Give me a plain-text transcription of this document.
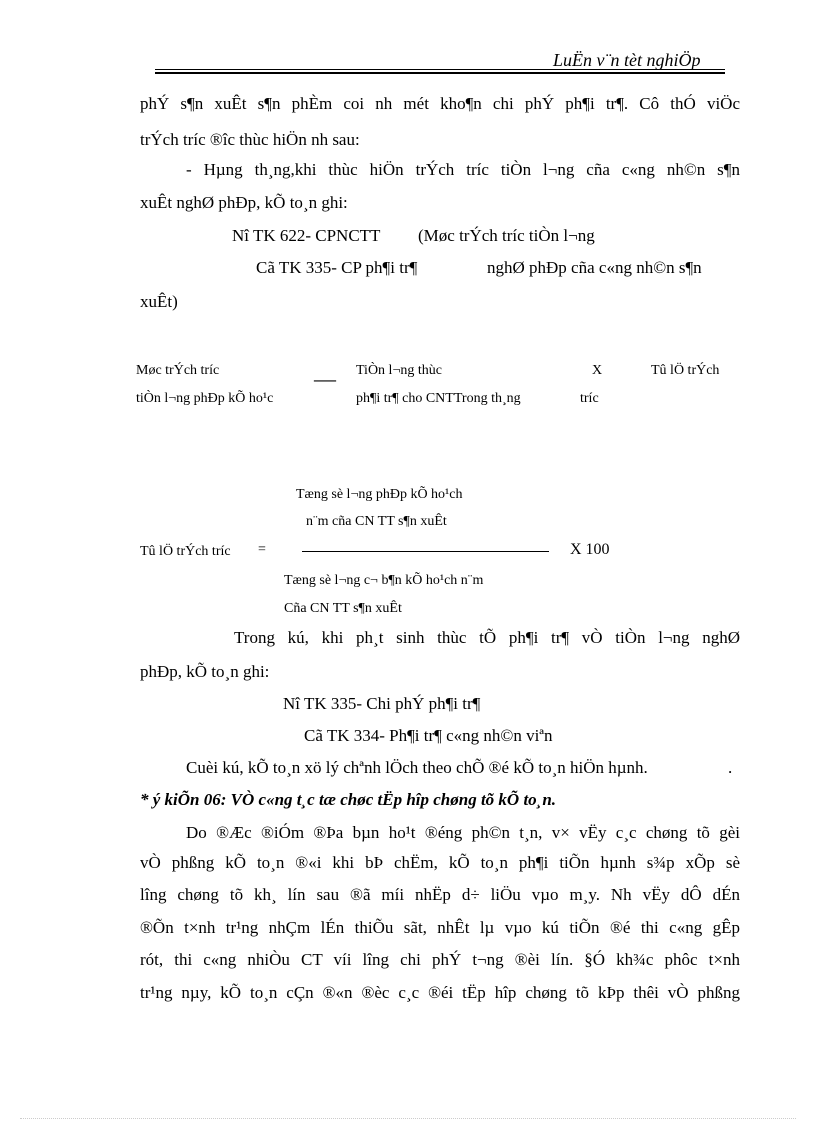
LuËn v¨n tèt nghiÖp
phÝ s¶n xuÊt s¶n phÈm coi nh mét kho¶n chi phÝ ph¶i tr¶. Cô thÓ viÖc
trÝch tríc ®îc thùc hiÖn nh sau:
- Hµng th¸ng,khi thùc hiÖn trÝch tríc tiÒn l¬ng cña c«ng nh©n s¶n
xuÊt nghØ phÐp, kÕ to¸n ghi:
Nî TK 622- CPNCTT (Møc trÝch tríc tiÒn l¬ng
Cã TK 335- CP ph¶i tr¶	nghØ phÐp cña c«ng nh©n s¶n
xuÊt)
Møc trÝch tríc
tiÒn l¬ng phÐp kÕ ho¹c
— TiÒn l¬ng thùc
ph¶i tr¶ cho CNTTrong th¸ng	tríc
X	Tû lÖ trÝch
Tæng sè l¬ng phÐp kÕ ho¹ch
n¨m cña CN TT s¶n xuÊt
Tû lÖ trÝch tríc =	X 100
Tæng sè l¬ng c¬ b¶n kÕ ho¹ch n¨m
Cña CN TT s¶n xuÊt
Trong kú, khi ph¸t sinh thùc tÕ ph¶i tr¶ vÒ tiÒn l¬ng nghØ
phÐp, kÕ to¸n ghi:
Nî TK 335- Chi phÝ ph¶i tr¶
Cã TK 334- Ph¶i tr¶ c«ng nh©n viªn
Cuèi kú, kÕ to¸n xö lý chªnh lÖch theo chÕ ®é kÕ to¸n hiÖn hµnh.	.
* ý kiÕn 06: VÒ c«ng t¸c tæ chøc tËp hîp chøng tõ kÕ to¸n.
Do ®Æc ®iÓm ®Þa bµn ho¹t ®éng ph©n t¸n, v× vËy c¸c chøng tõ gèi
vÒ phßng kÕ to¸n ®«i khi bÞ chËm, kÕ to¸n ph¶i tiÕn hµnh s¾p xÕp sè
lîng chøng tõ kh¸ lín sau ®ã míi nhËp d÷ liÖu vµo m¸y. Nh vËy dÔ dÉn
®Õn t×nh tr¹ng nhÇm lÉn thiÕu sãt, nhÊt lµ vµo kú tiÕn ®é thi c«ng gÊp
rót, thi c«ng nhiÒu CT víi lîng chi phÝ t¬ng ®èi lín. §Ó kh¾c phôc t×nh
tr¹ng nµy, kÕ to¸n cÇn ®«n ®èc c¸c ®éi tËp hîp chøng tõ kÞp thêi vÒ phßng
